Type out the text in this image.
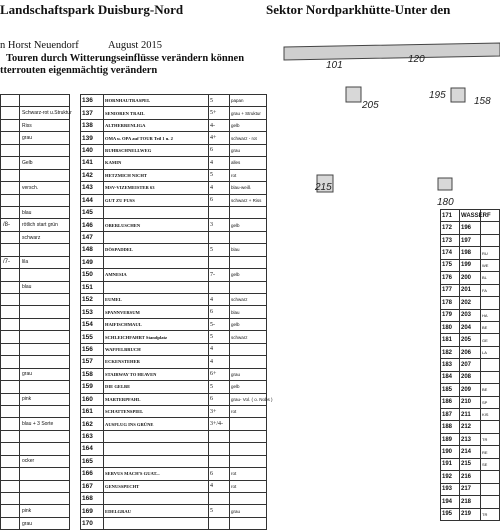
Landschaftspark Duisburg-Nord	Sektor Nordparkhütte-Unter den
n Horst Neuendorf	August 2015
Touren durch Witterungseinflüsse verändern können
tterrouten eigenmächtig verändern

	Schwarz-rot u.Struktur
	Riss
	grau

	Gelb

	versch.

	blau
/8-	rötlich start grün
	schwarz

/7-	lila

	blau

	grau

	pink

	blau + 3 Sorte

	ocker

	pink
	grau
136	HORNHAUTRASPEL	5	papan
137	SENIOREN TRAIL	5+	grau + Struktur
138	ALTHERRENLIGA	4-	gelb
139	OMA u. OPA auf TOUR Teil 1 u. 2	4+	schwarz - rot
140	RUHRSCHNELLWEG	6	grau
141	KAMIN	4	alles
142	HETZMICH NICHT	5	rot
143	MSV-VIZEMEISTER 63	4	blau-weiß
144	GUT ZU FUSS	6	schwarz + Riss
145			
146	OBERLUSCHEN	3	gelb
147			
148	DÖSPADDEL	5	blau
149			
150	AMNESIA	7-	gelb
151			
152	EUMEL	4	schwarz
153	SPANNVERSUM	6	blau
154	HAIFISCHMAUL	5-	gelb
155	SCHLEICHFAHRT Standplatz	5	schwarz
156	WAFFELBRUCH	4	
157	ECKENSTEHER	4	
158	STAIRWAY TO HEAVEN	6+	grau
159	DIE GELBE	5	gelb
160	MARTERPFAHL	6	grau- Vol. ( o. Nobs )
161	SCHATTENSPIEL	3+	rot
162	AUSFLUG INS GRÜNE	3+/4-	
163			
164			
165			
166	SERVUS MACH'S GUAT...	6	rot
167	GENUSSPECHT	4	rot
168			
169	EDELGRAU	5	grau
170			
101
120
205
195
158
215
180
171	WASSERF	
172	196	
173	197	
174	198	RU
175	199	WE
176	200	BL
177	201	FA
178	202	
179	203	HA
180	204	BE
181	205	GE
182	206	LA
183	207	
184	208	
185	209	BE
186	210	SP
187	211	KIS
188	212	
189	213	TR
190	214	RE
191	215	SE
192	216	
193	217	
194	218	
195	219	TR
